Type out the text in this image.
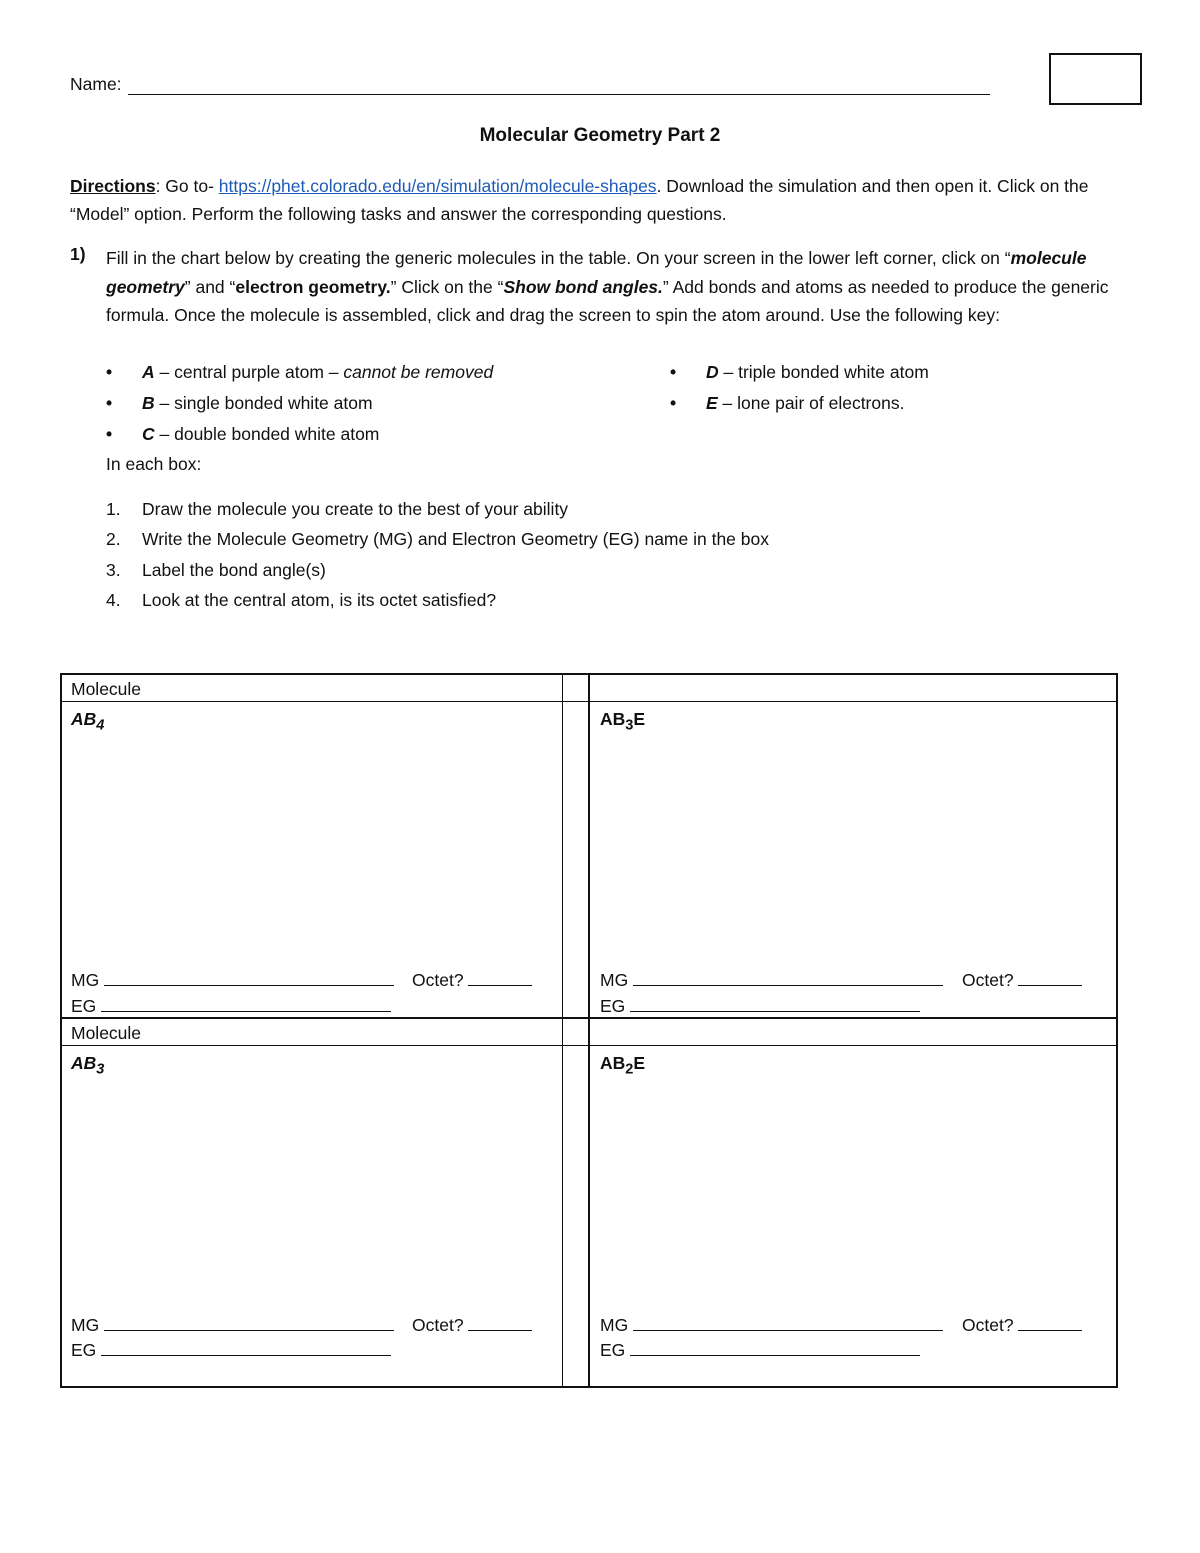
Name:
Molecular Geometry Part 2
Directions: Go to- https://phet.colorado.edu/en/simulation/molecule-shapes. Download the simulation and then open it. Click on the “Model” option. Perform the following tasks and answer the corresponding questions.
1) Fill in the chart below by creating the generic molecules in the table. On your screen in the lower left corner, click on “molecule geometry” and “electron geometry.” Click on the “Show bond angles.” Add bonds and atoms as needed to produce the generic formula. Once the molecule is assembled, click and drag the screen to spin the atom around. Use the following key:
• A – central purple atom – cannot be removed
• B – single bonded white atom
• C – double bonded white atom
• D – triple bonded white atom
• E – lone pair of electrons.
In each box:
1. Draw the molecule you create to the best of your ability
2. Write the Molecule Geometry (MG) and Electron Geometry (EG) name in the box
3. Label the bond angle(s)
4. Look at the central atom, is its octet satisfied?
Molecule
$AB_4$
MG	Octet?
EG
$AB_3E$
MG	Octet?
EG
Molecule
$AB_3$
MG	Octet?
EG
$AB_2E$
MG	Octet?
EG
